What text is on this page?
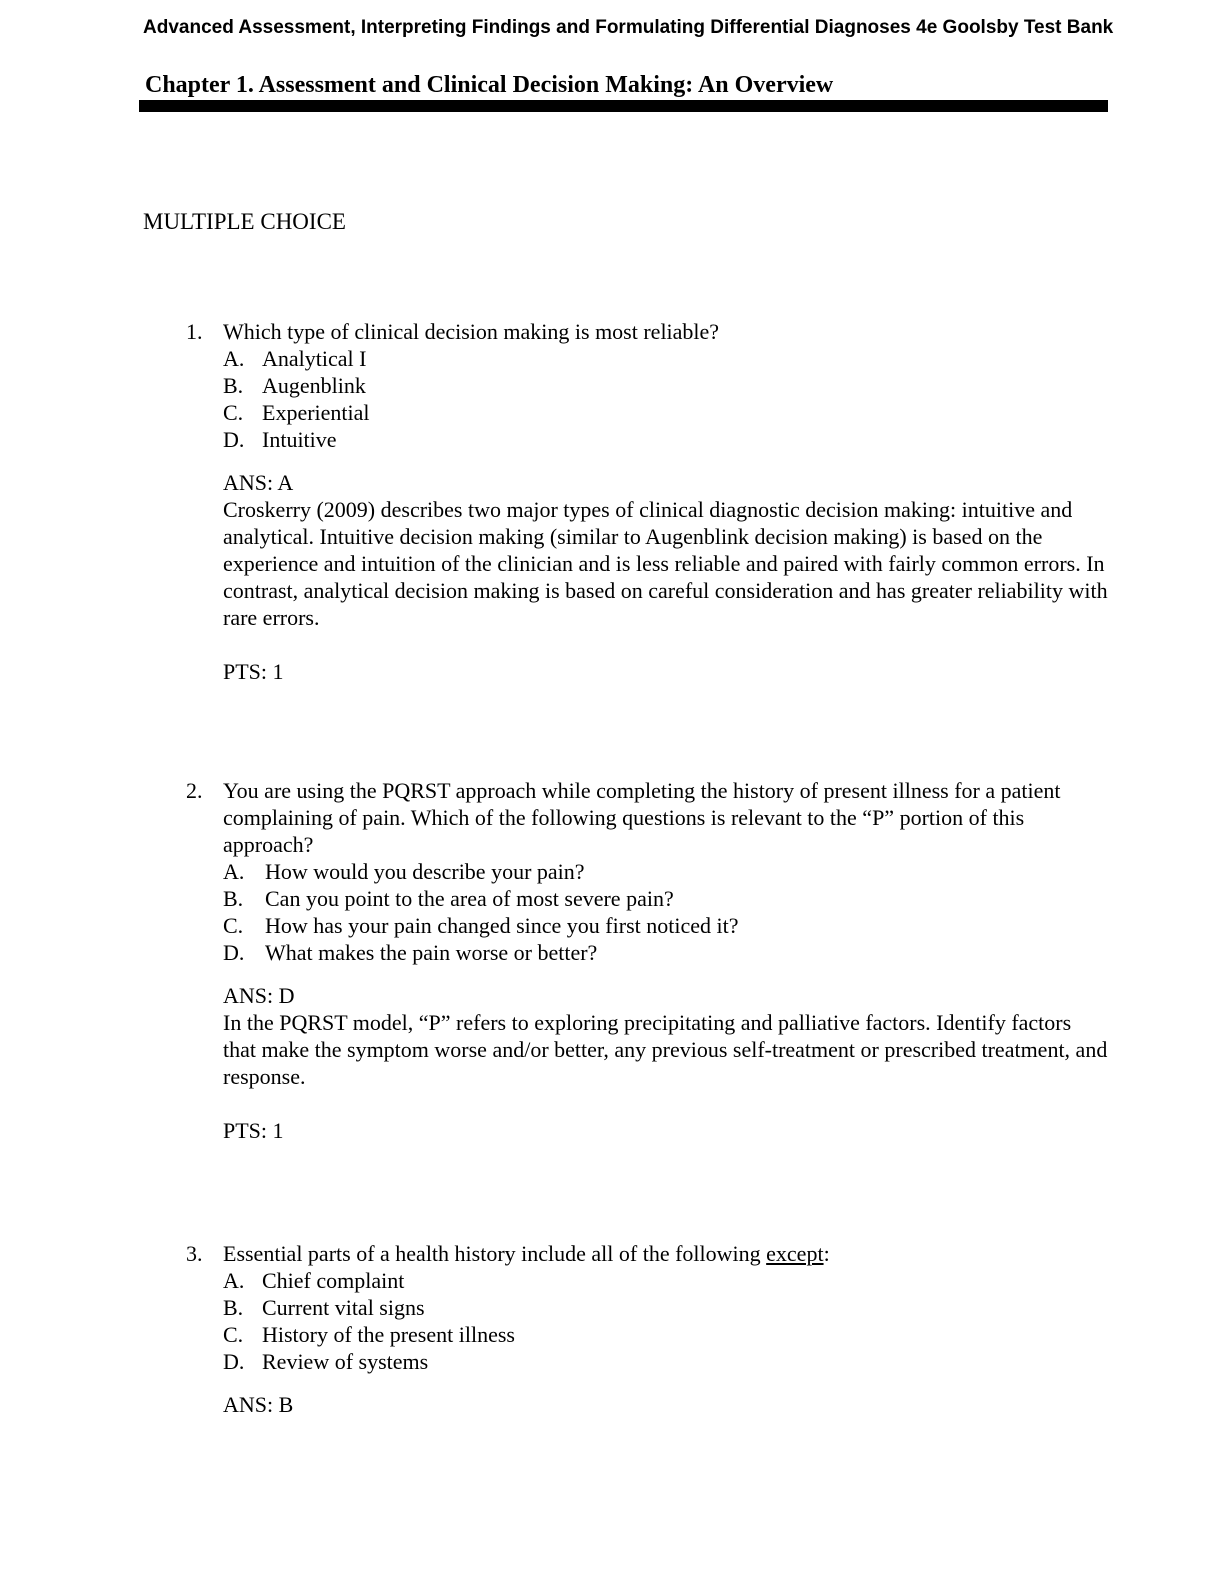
Advanced Assessment, Interpreting Findings and Formulating Differential Diagnoses 4e Goolsby Test Bank
Chapter 1. Assessment and Clinical Decision Making: An Overview
MULTIPLE CHOICE
1. Which type of clinical decision making is most reliable?
A. Analytical I
B. Augenblink
C. Experiential
D. Intuitive
ANS: A
Croskerry (2009) describes two major types of clinical diagnostic decision making: intuitive and analytical. Intuitive decision making (similar to Augenblink decision making) is based on the experience and intuition of the clinician and is less reliable and paired with fairly common errors. In contrast, analytical decision making is based on careful consideration and has greater reliability with rare errors.
PTS: 1
2. You are using the PQRST approach while completing the history of present illness for a patient complaining of pain. Which of the following questions is relevant to the “P” portion of this approach?
A. How would you describe your pain?
B. Can you point to the area of most severe pain?
C. How has your pain changed since you first noticed it?
D. What makes the pain worse or better?
ANS: D
In the PQRST model, “P” refers to exploring precipitating and palliative factors. Identify factors that make the symptom worse and/or better, any previous self-treatment or prescribed treatment, and response.
PTS: 1
3. Essential parts of a health history include all of the following except:
A. Chief complaint
B. Current vital signs
C. History of the present illness
D. Review of systems
ANS: B
